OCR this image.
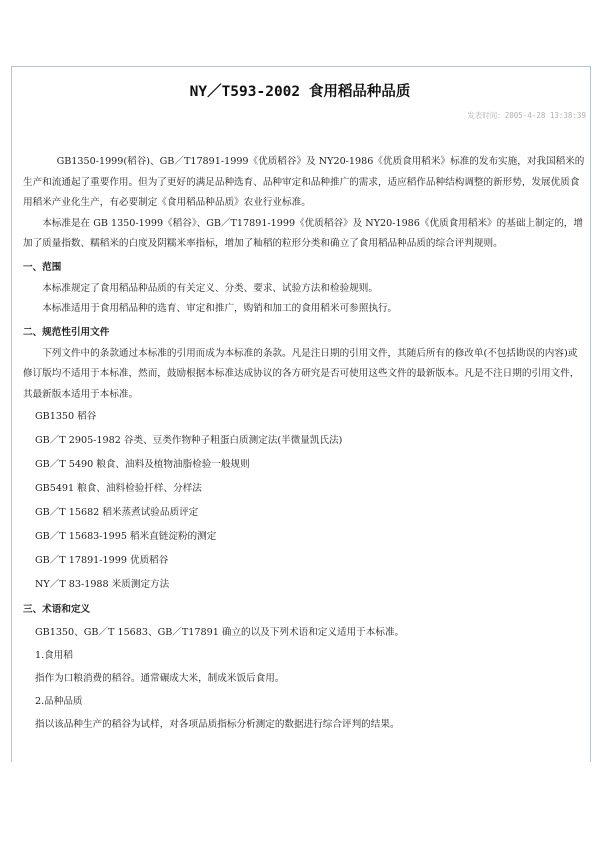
NY／T593-2002 食用稻品种品质
发表时间：2005-4-28 13:38:39

GB1350-1999(稻谷)、GB／T17891-1999《优质稻谷》及 NY20-1986《优质食用稻米》标准的发布实施，对我国稻米的生产和流通起了重要作用。但为了更好的满足品种选育、品种审定和品种推广的需求，适应稻作品种结构调整的新形势，发展优质食用稻米产业化生产，有必要制定《食用稻品种品质》农业行业标准。

本标准是在 GB 1350-1999《稻谷》、GB／T17891-1999《优质稻谷》及 NY20-1986《优质食用稻米》的基础上制定的，增加了质量指数、糯稻米的白度及阴糯米率指标，增加了籼稻的粒形分类和确立了食用稻品种品质的综合评判规则。

一、范围

本标准规定了食用稻品种品质的有关定义、分类、要求、试验方法和检验规则。

本标准适用于食用稻品种的选育、审定和推广，购销和加工的食用稻米可参照执行。

二、规范性引用文件

下列文件中的条款通过本标准的引用而成为本标准的条款。凡是注日期的引用文件，其随后所有的修改单(不包括勘误的内容)或修订版均不适用于本标准，然而，鼓励根据本标准达成协议的各方研究是否可使用这些文件的最新版本。凡是不注日期的引用文件，其最新版本适用于本标准。

GB1350 稻谷

GB／T 2905-1982 谷类、豆类作物种子粗蛋白质测定法(半微量凯氏法)

GB／T 5490 粮食、油料及植物油脂检验一般规则

GB5491 粮食、油料检验扦样、分样法

GB／T 15682 稻米蒸煮试验品质评定

GB／T 15683-1995 稻米直链淀粉的测定

GB／T 17891-1999 优质稻谷

NY／T 83-1988 米质测定方法

三、术语和定义

GB1350、GB／T 15683、GB／T17891 确立的以及下列术语和定义适用于本标准。

1.食用稻

指作为口粮消费的稻谷。通常碾成大米，制成米饭后食用。

2.品种品质

指以该品种生产的稻谷为试样，对各项品质指标分析测定的数据进行综合评判的结果。
